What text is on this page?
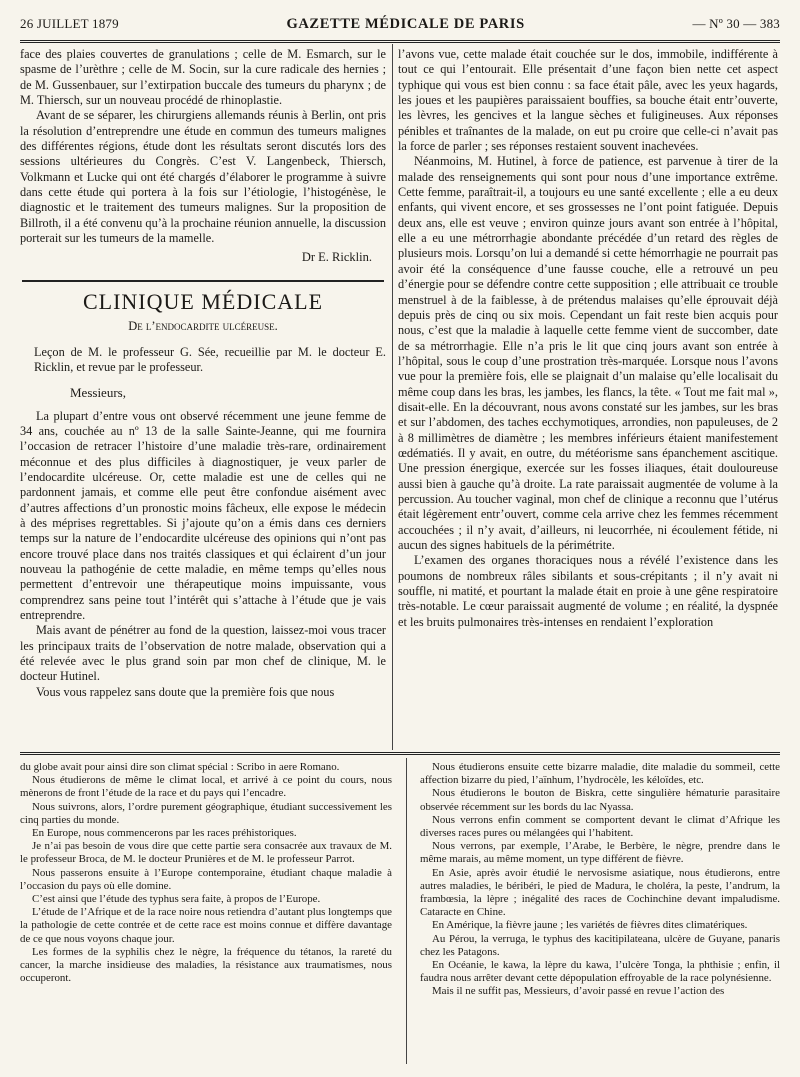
26 JUILLET 1879	GAZETTE MÉDICALE DE PARIS	— Nº 30 — 383

face des plaies couvertes de granulations ; celle de M. Esmarch, sur le spasme de l’urèthre ; celle de M. Socin, sur la cure radicale des hernies ; de M. Gussenbauer, sur l’extirpation buccale des tumeurs du pharynx ; de M. Thiersch, sur un nouveau procédé de rhinoplastie.

Avant de se séparer, les chirurgiens allemands réunis à Berlin, ont pris la résolution d’entreprendre une étude en commun des tumeurs malignes des différentes régions, étude dont les résultats seront discutés lors des sessions ultérieures du Congrès. C’est V. Langenbeck, Thiersch, Volkmann et Lucke qui ont été chargés d’élaborer le programme à suivre dans cette étude qui portera à la fois sur l’étiologie, l’histogénèse, le diagnostic et le traitement des tumeurs malignes. Sur la proposition de Billroth, il a été convenu qu’à la prochaine réunion annuelle, la discussion porterait sur les tumeurs de la mamelle.

Dr E. Ricklin.
CLINIQUE MÉDICALE
De l’endocardite ulcéreuse.

Leçon de M. le professeur G. Sée, recueillie par M. le docteur E. Ricklin, et revue par le professeur.

Messieurs,

La plupart d’entre vous ont observé récemment une jeune femme de 34 ans, couchée au nº 13 de la salle Sainte-Jeanne, qui me fournira l’occasion de retracer l’histoire d’une maladie très-rare, ordinairement méconnue et des plus difficiles à diagnostiquer, je veux parler de l’endocardite ulcéreuse. Or, cette maladie est une de celles qui ne pardonnent jamais, et comme elle peut être confondue aisément avec d’autres affections d’un pronostic moins fâcheux, elle expose le médecin à des méprises regrettables. Si j’ajoute qu’on a émis dans ces derniers temps sur la nature de l’endocardite ulcéreuse des opinions qui n’ont pas encore trouvé place dans nos traités classiques et qui éclairent d’un jour nouveau la pathogénie de cette maladie, en même temps qu’elles nous permettent d’entrevoir une thérapeutique moins impuissante, vous comprendrez sans peine tout l’intérêt qui s’attache à l’étude que je vais entreprendre.

Mais avant de pénétrer au fond de la question, laissez-moi vous tracer les principaux traits de l’observation de notre malade, observation qui a été relevée avec le plus grand soin par mon chef de clinique, M. le docteur Hutinel.

Vous vous rappelez sans doute que la première fois que nous

l’avons vue, cette malade était couchée sur le dos, immobile, indifférente à tout ce qui l’entourait. Elle présentait d’une façon bien nette cet aspect typhique qui vous est bien connu : sa face était pâle, avec les yeux hagards, les joues et les paupières paraissaient bouffies, sa bouche était entr’ouverte, les lèvres, les gencives et la langue sèches et fuligineuses. Aux réponses pénibles et traînantes de la malade, on eut pu croire que celle-ci n’avait pas la force de parler ; ses réponses restaient souvent inachevées.

Néanmoins, M. Hutinel, à force de patience, est parvenue à tirer de la malade des renseignements qui sont pour nous d’une importance extrême. Cette femme, paraîtrait-il, a toujours eu une santé excellente ; elle a eu deux enfants, qui vivent encore, et ses grossesses ne l’ont point fatiguée. Depuis deux ans, elle est veuve ; environ quinze jours avant son entrée à l’hôpital, elle a eu une métrorrhagie abondante précédée d’un retard des règles de plusieurs mois. Lorsqu’on lui a demandé si cette hémorrhagie ne pourrait pas avoir été la conséquence d’une fausse couche, elle a retrouvé un peu d’énergie pour se défendre contre cette supposition ; elle attribuait ce trouble menstruel à de la faiblesse, à de prétendus malaises qu’elle éprouvait déjà depuis près de cinq ou six mois. Cependant un fait reste bien acquis pour nous, c’est que la maladie à laquelle cette femme vient de succomber, date de sa métrorrhagie. Elle n’a pris le lit que cinq jours avant son entrée à l’hôpital, sous le coup d’une prostration très-marquée. Lorsque nous l’avons vue pour la première fois, elle se plaignait d’un malaise qu’elle localisait du même coup dans les bras, les jambes, les flancs, la tête. « Tout me fait mal », disait-elle. En la découvrant, nous avons constaté sur les jambes, sur les bras et sur l’abdomen, des taches ecchymotiques, arrondies, non papuleuses, de 2 à 8 millimètres de diamètre ; les membres inférieurs étaient manifestement œdématiés. Il y avait, en outre, du météorisme sans épanchement ascitique. Une pression énergique, exercée sur les fosses iliaques, était douloureuse aussi bien à gauche qu’à droite. La rate paraissait augmentée de volume à la percussion. Au toucher vaginal, mon chef de clinique a reconnu que l’utérus était légèrement entr’ouvert, comme cela arrive chez les femmes récemment accouchées ; il n’y avait, d’ailleurs, ni leucorrhée, ni écoulement fétide, ni aucun des signes habituels de la périmétrite.

L’examen des organes thoraciques nous a révélé l’existence dans les poumons de nombreux râles sibilants et sous-crépitants ; il n’y avait ni souffle, ni matité, et pourtant la malade était en proie à une gêne respiratoire très-notable. Le cœur paraissait augmenté de volume ; en réalité, la dyspnée et les bruits pulmonaires très-intenses en rendaient l’exploration

du globe avait pour ainsi dire son climat spécial : Scribo in aere Romano.

Nous étudierons de même le climat local, et arrivé à ce point du cours, nous mènerons de front l’étude de la race et du pays qui l’encadre.

Nous suivrons, alors, l’ordre purement géographique, étudiant successivement les cinq parties du monde.

En Europe, nous commencerons par les races préhistoriques.

Je n’ai pas besoin de vous dire que cette partie sera consacrée aux travaux de M. le professeur Broca, de M. le docteur Prunières et de M. le professeur Parrot.

Nous passerons ensuite à l’Europe contemporaine, étudiant chaque maladie à l’occasion du pays où elle domine.

C’est ainsi que l’étude des typhus sera faite, à propos de l’Europe.

L’étude de l’Afrique et de la race noire nous retiendra d’autant plus longtemps que la pathologie de cette contrée et de cette race est moins connue et diffère davantage de ce que nous voyons chaque jour.

Les formes de la syphilis chez le nègre, la fréquence du tétanos, la rareté du cancer, la marche insidieuse des maladies, la résistance aux traumatismes, nous occuperont.

Nous étudierons ensuite cette bizarre maladie, dite maladie du sommeil, cette affection bizarre du pied, l’aïnhum, l’hydrocèle, les kéloïdes, etc.

Nous étudierons le bouton de Biskra, cette singulière hématurie parasitaire observée récemment sur les bords du lac Nyassa.

Nous verrons enfin comment se comportent devant le climat d’Afrique les diverses races pures ou mélangées qui l’habitent.

Nous verrons, par exemple, l’Arabe, le Berbère, le nègre, prendre dans le même marais, au même moment, un type différent de fièvre.

En Asie, après avoir étudié le nervosisme asiatique, nous étudierons, entre autres maladies, le béribéri, le pied de Madura, le choléra, la peste, l’andrum, la frambœsia, la lèpre ; inégalité des races de Cochinchine devant impaludisme. Cataracte en Chine.

En Amérique, la fièvre jaune ; les variétés de fièvres dites climatériques.

Au Pérou, la verruga, le typhus des kacitipilateana, ulcère de Guyane, panaris chez les Patagons.

En Océanie, le kawa, la lèpre du kawa, l’ulcère Tonga, la phthisie ; enfin, il faudra nous arrêter devant cette dépopulation effroyable de la race polynésienne.

Mais il ne suffit pas, Messieurs, d’avoir passé en revue l’action des
